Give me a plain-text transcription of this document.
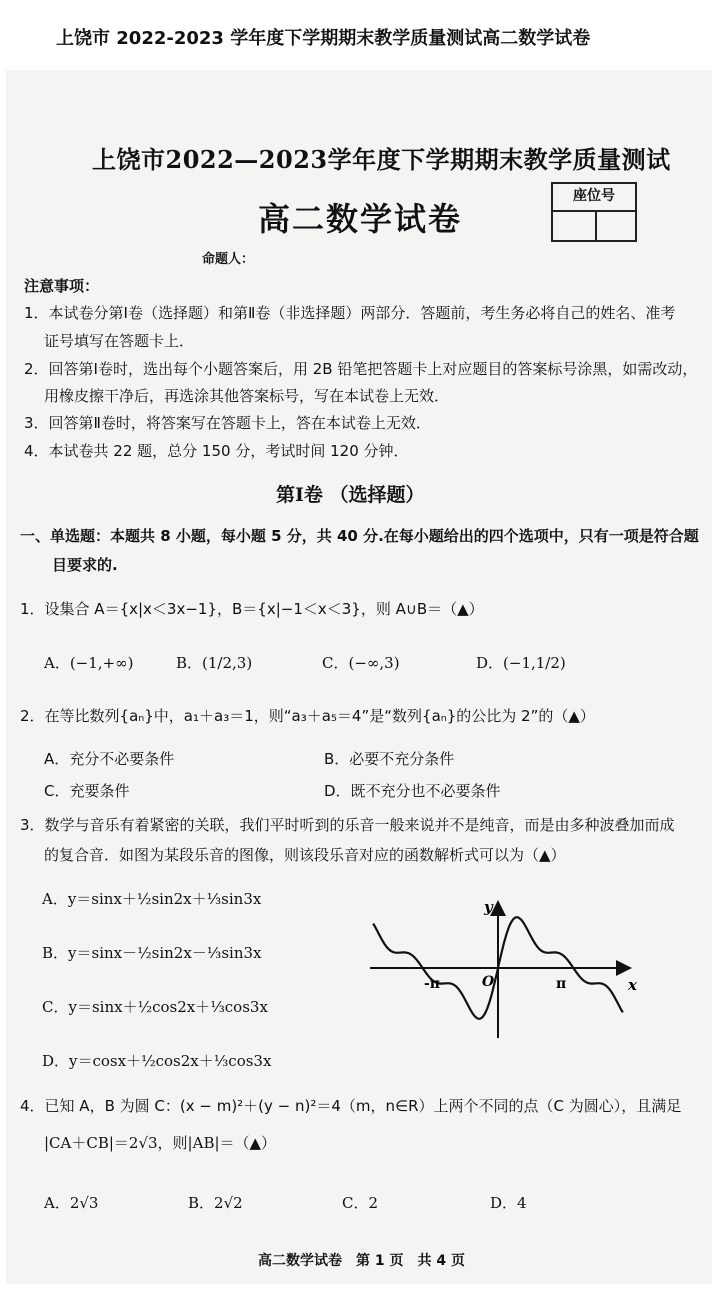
上饶市 2022-2023 学年度下学期期末教学质量测试高二数学试卷
上饶市2022—2023学年度下学期期末教学质量测试
高二数学试卷
座位号
命题人：
注意事项：
1．本试卷分第Ⅰ卷（选择题）和第Ⅱ卷（非选择题）两部分．答题前，考生务必将自己的姓名、准考
证号填写在答题卡上．
2．回答第Ⅰ卷时，选出每个小题答案后，用 2B 铅笔把答题卡上对应题目的答案标号涂黑，如需改动，
用橡皮擦干净后，再选涂其他答案标号，写在本试卷上无效．
3．回答第Ⅱ卷时，将答案写在答题卡上，答在本试卷上无效．
4．本试卷共 22 题，总分 150 分，考试时间 120 分钟．
第Ⅰ卷 （选择题）
一、单选题：本题共 8 小题，每小题 5 分，共 40 分.在每小题给出的四个选项中，只有一项是符合题
目要求的.
1．设集合 A＝{x|x＜3x−1}，B＝{x|−1＜x＜3}，则 A∪B＝（▲）
A．(−1,+∞)	B．(1/2,3)	C．(−∞,3)	D．(−1,1/2)
2．在等比数列{aₙ}中，a₁＋a₃＝1，则“a₃＋a₅＝4”是“数列{aₙ}的公比为 2”的（▲）
A．充分不必要条件	B．必要不充分条件
C．充要条件	D．既不充分也不必要条件
3．数学与音乐有着紧密的关联，我们平时听到的乐音一般来说并不是纯音，而是由多种波叠加而成
的复合音．如图为某段乐音的图像，则该段乐音对应的函数解析式可以为（▲）
A．y＝sinx＋½sin2x＋⅓sin3x
B．y＝sinx－½sin2x－⅓sin3x
C．y＝sinx＋½cos2x＋⅓cos3x
D．y＝cosx＋½cos2x＋⅓cos3x
y
x
-π	O	π
4．已知 A，B 为圆 C：(x − m)²＋(y − n)²＝4（m，n∈R）上两个不同的点（C 为圆心），且满足
|CA＋CB|＝2√3，则|AB|＝（▲）
A．2√3	B．2√2	C．2	D．4
高二数学试卷　第 1 页　共 4 页
